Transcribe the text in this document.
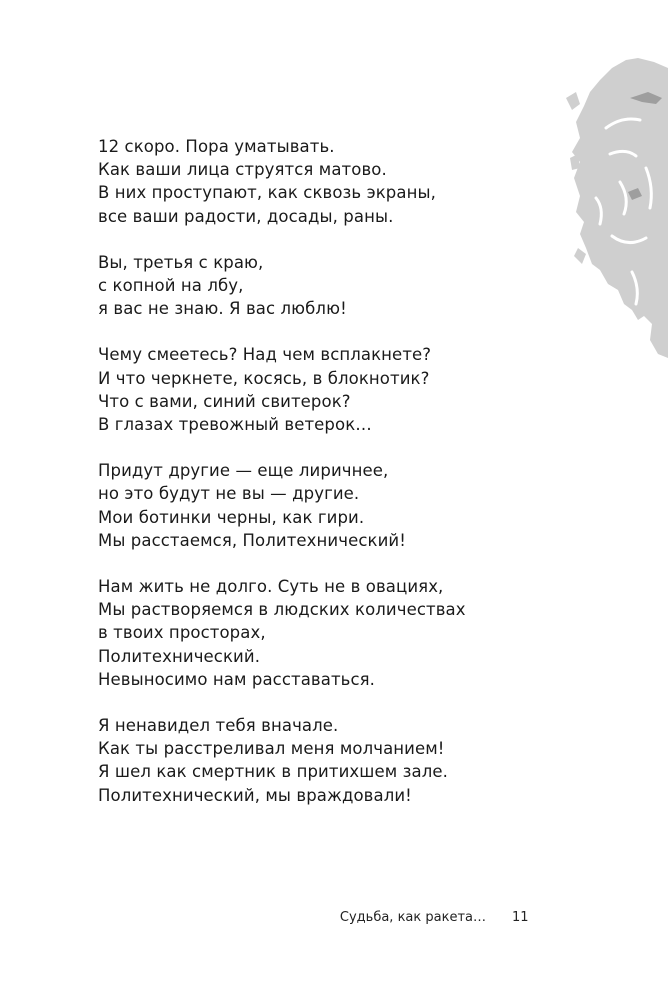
12 скоро. Пора уматывать.
Как ваши лица струятся матово.
В них проступают, как сквозь экраны,
все ваши радости, досады, раны.
Вы, третья с краю,
с копной на лбу,
я вас не знаю. Я вас люблю!
Чему смеетесь? Над чем всплакнете?
И что черкнете, косясь, в блокнотик?
Что с вами, синий свитерок?
В глазах тревожный ветерок…
Придут другие — еще лиричнее,
но это будут не вы — другие.
Мои ботинки черны, как гири.
Мы расстаемся, Политехнический!
Нам жить не долго. Суть не в овациях,
Мы растворяемся в людских количествах
в твоих просторах,
Политехнический.
Невыносимо нам расставаться.
Я ненавидел тебя вначале.
Как ты расстреливал меня молчанием!
Я шел как смертник в притихшем зале.
Политехнический, мы враждовали!
Судьба, как ракета… 11
